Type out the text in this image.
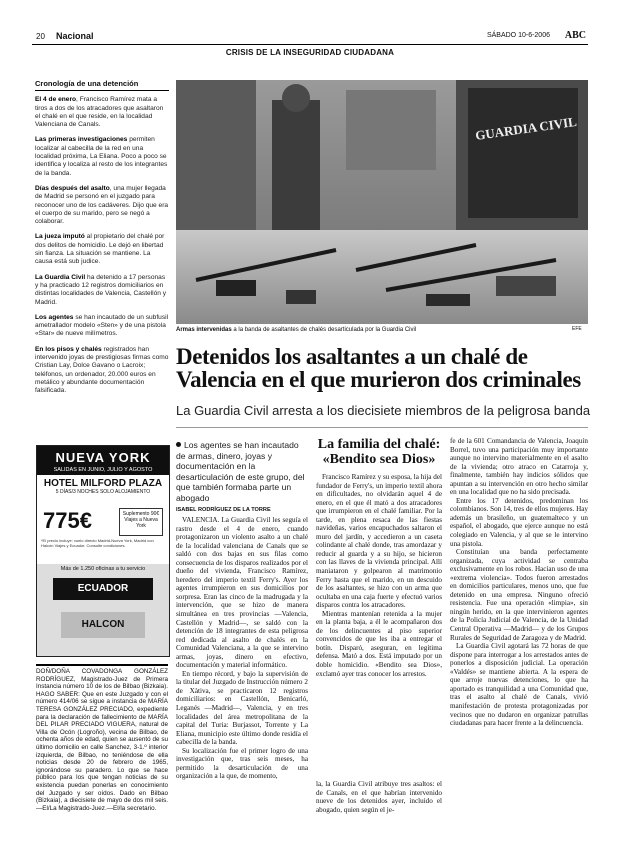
20 Nacional	SÁBADO 10-6-2006 ABC
CRISIS DE LA INSEGURIDAD CIUDADANA
Cronología de una detención

El 4 de enero, Francisco Ramírez mata a tiros a dos de los atracadores que asaltaron el chalé en el que reside, en la localidad Valenciana de Canals.

Las primeras investigaciones permiten localizar al cabecilla de la red en una localidad próxima, La Eliana. Poco a poco se identifica y localiza al resto de los integrantes de la banda.

Días después del asalto, una mujer llegada de Madrid se personó en el juzgado para reconocer uno de los cadáveres. Dijo que era el cuerpo de su marido, pero se negó a colaborar.

La jueza imputó al propietario del chalé por dos delitos de homicidio. Le dejó en libertad sin fianza. La situación se mantiene. La causa está sub judice.

La Guardia Civil ha detenido a 17 personas y ha practicado 12 registros domiciliarios en distintas localidades de Valencia, Castellón y Madrid.

Los agentes se han incautado de un subfusil ametrallador modelo «Sten» y de una pistola «Star» de nueve milímetros.

En los pisos y chalés registrados han intervenido joyas de prestigiosas firmas como Cristian Lay, Dolce Gavano o Lacroix; teléfonos, un ordenador, 20.000 euros en metálico y abundante documentación falsificada.

NUEVA YORK
SALIDAS EN JUNIO, JULIO Y AGOSTO
HOTEL MILFORD PLAZA
5 DÍAS/3 NOCHES SOLO ALOJAMIENTO
775€	Suplemento 90€ Viajes a Nueva York
*El precio incluye: vuelo directo Madrid-Nueva York, Madrid con Halcón Viajes y Ecuador. Consulte condiciones.
Más de 1.250 oficinas a tu servicio
ECUADOR
HALCON
DOÑ/DOÑA COVADONGA GONZÁLEZ RODRÍGUEZ, Magistrado-Juez de Primera Instancia número 10 de los de Bilbao (Bizkaia). HAGO SABER: Que en este Juzgado y con el número 414/06 se sigue a instancia de MARÍA TERESA GONZÁLEZ PRECIADO, expediente para la declaración de fallecimiento de MARÍA DEL PILAR PRECIADO VIGUERA, natural de Villa de Ocón (Logroño), vecina de Bilbao, de ochenta años de edad, quien se ausentó de su último domicilio en calle Sanchez, 3-1.º interior izquierda, de Bilbao, no teniéndose de ella noticias desde 20 de febrero de 1965, ignorándose su paradero. Lo que se hace público para los que tengan noticias de su existencia puedan ponerlas en conocimiento del Juzgado y ser oídos. Dado en Bilbao (Bizkaia), a diecisiete de mayo de dos mil seis.—El/La Magistrado-Juez.—El/la secretario.
GUARDIA CIVIL
Armas intervenidas a la banda de asaltantes de chalés desarticulada por la Guardia Civil	EFE
Detenidos los asaltantes a un chalé de Valencia en el que murieron dos criminales
La Guardia Civil arresta a los diecisiete miembros de la peligrosa banda
Los agentes se han incautado de armas, dinero, joyas y documentación en la desarticulación de este grupo, del que también formaba parte un abogado
ISABEL RODRÍGUEZ DE LA TORRE

VALENCIA. La Guardia Civil les seguía el rastro desde el 4 de enero, cuando protagonizaron un violento asalto a un chalé de la localidad valenciana de Canals que se saldó con dos bajas en sus filas como consecuencia de los disparos realizados por el dueño del vivienda, Francisco Ramírez, heredero del imperio textil Ferry's. Ayer los agentes irrumpieron en sus domicilios por sorpresa. Eran las cinco de la madrugada y la intervención, que se hizo de manera simultánea en tres provincias —Valencia, Castellón y Madrid—, se saldó con la detención de 18 integrantes de esta peligrosa red dedicada al asalto de chalés en la Comunidad Valenciana, a la que se intervino armas, joyas, dinero en efectivo, documentación y material informático.

En tiempo récord, y bajo la supervisión de la titular del Juzgado de Instrucción número 2 de Xàtiva, se practicaron 12 registros domiciliarios: en Castellón, Benicarló, Leganés —Madrid—, Valencia, y en tres localidades del área metropolitana de la capital del Turia: Burjassot, Torrente y La Eliana, municipio este último donde residía el cabecilla de la banda.

Su localización fue el primer logro de una investigación que, tras seis meses, ha permitido la desarticulación de una organización a la que, de momento,

La familia del chalé: «Bendito sea Dios»

Francisco Ramírez y su esposa, la hija del fundador de Ferry's, un imperio textil ahora en dificultades, no olvidarán aquel 4 de enero, en el que él mató a dos atracadores que irrumpieron en el chalé familiar. Por la tarde, en plena resaca de las fiestas navideñas, varios encapuchados saltaron el muro del jardín, y accedieron a un caseta colindante al chalé donde, tras amordazar y reducir al guarda y a su hijo, se hicieron con las llaves de la vivienda principal. Allí maniataron y golpearon al matrimonio Ferry hasta que el marido, en un descuido de los asaltantes, se hizo con un arma que ocultaba en una caja fuerte y efectuó varios disparos contra los atracadores.

Mientras mantenían retenida a la mujer en la planta baja, a él le acompañaron dos de los delincuentes al piso superior convencidos de que les iba a entregar el botín. Disparó, aseguran, en legítima defensa. Mató a dos. Está imputado por un doble homicidio. «Bendito sea Dios», exclamó ayer tras conocer los arrestos.

la, la Guardia Civil atribuye tres asaltos: el de Canals, en el que habrían intervenido nueve de los detenidos ayer, incluido el abogado, quien según el je-

fe de la 601 Comandancia de Valencia, Joaquín Borrel, tuvo una participación muy importante aunque no intervino materialmente en el asalto de la vivienda; otro atraco en Catarroja y, finalmente, también hay indicios sólidos que apuntan a su intervención en otro hecho similar en una localidad que no ha sido precisada.

Entre los 17 detenidos, predominan los colombianos. Son 14, tres de ellos mujeres. Hay además un brasileño, un guatemalteco y un español, el abogado, que ejerce aunque no está colegiado en Valencia, y al que se le intervino una pistola.

Constituían una banda perfectamente organizada, cuya actividad se centraba exclusivamente en los robos. Hacían uso de una «extrema violencia». Todos fueron arrestados en domicilios particulares, menos uno, que fue detenido en una empresa. Ninguno ofreció resistencia. Fue una operación «limpia», sin ningún herido, en la que intervinieron agentes de la Policía Judicial de Valencia, de la Unidad Central Operativa —Madrid— y de los Grupos Rurales de Seguridad de Zaragoza y de Madrid.

La Guardia Civil agotará las 72 horas de que dispone para interrogar a los arrestados antes de ponerlos a disposición judicial. La operación «Valdés» se mantiene abierta. A la espera de que arroje nuevas detenciones, lo que ha aportado es tranquilidad a una Comunidad que, tras el asalto al chalé de Canals, vivió manifestación de protesta protagonizadas por vecinos que no dudaron en organizar patrullas ciudadanas para hacer frente a la delincuencia.
